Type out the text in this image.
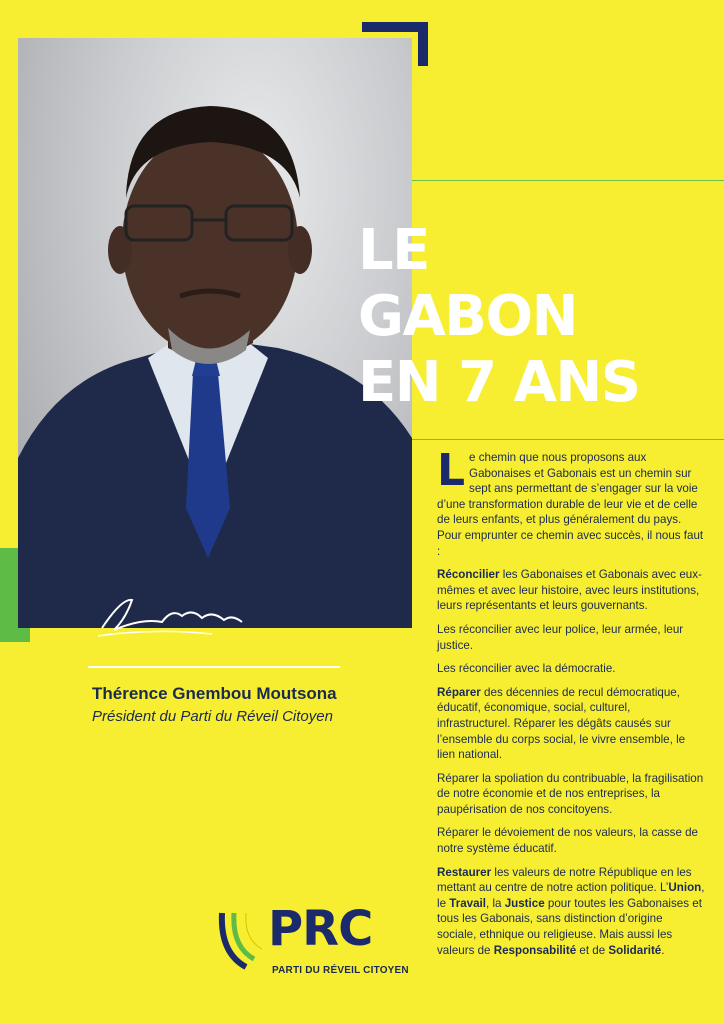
LE
GABON
EN 7 ANS
Thérence Gnembou Moutsona
Président du Parti du Réveil Citoyen

Le chemin que nous proposons aux Gabonaises et Gabonais est un chemin sur sept ans permettant de s’engager sur la voie d’une transformation durable de leur vie et de celle de leurs enfants, et plus généralement du pays. Pour emprunter ce chemin avec succès, il nous faut :

Réconcilier les Gabonaises et Gabonais avec eux-mêmes et avec leur histoire, avec leurs institutions, leurs représentants et leurs gouvernants.

Les réconcilier avec leur police, leur armée, leur justice.

Les réconcilier avec la démocratie.

Réparer des décennies de recul démocratique, éducatif, économique, social, culturel, infrastructurel. Réparer les dégâts causés sur l’ensemble du corps social, le vivre ensemble, le lien national.

Réparer la spoliation du contribuable, la fragilisation de notre économie et de nos entreprises, la paupérisation de nos concitoyens.

Réparer le dévoiement de nos valeurs, la casse de notre système éducatif.

Restaurer les valeurs de notre République en les mettant au centre de notre action politique. L’Union, le Travail, la Justice pour toutes les Gabonaises et tous les Gabonais, sans distinction d’origine sociale, ethnique ou religieuse. Mais aussi les valeurs de Responsabilité et de Solidarité.

PRC
PARTI DU RÉVEIL CITOYEN
